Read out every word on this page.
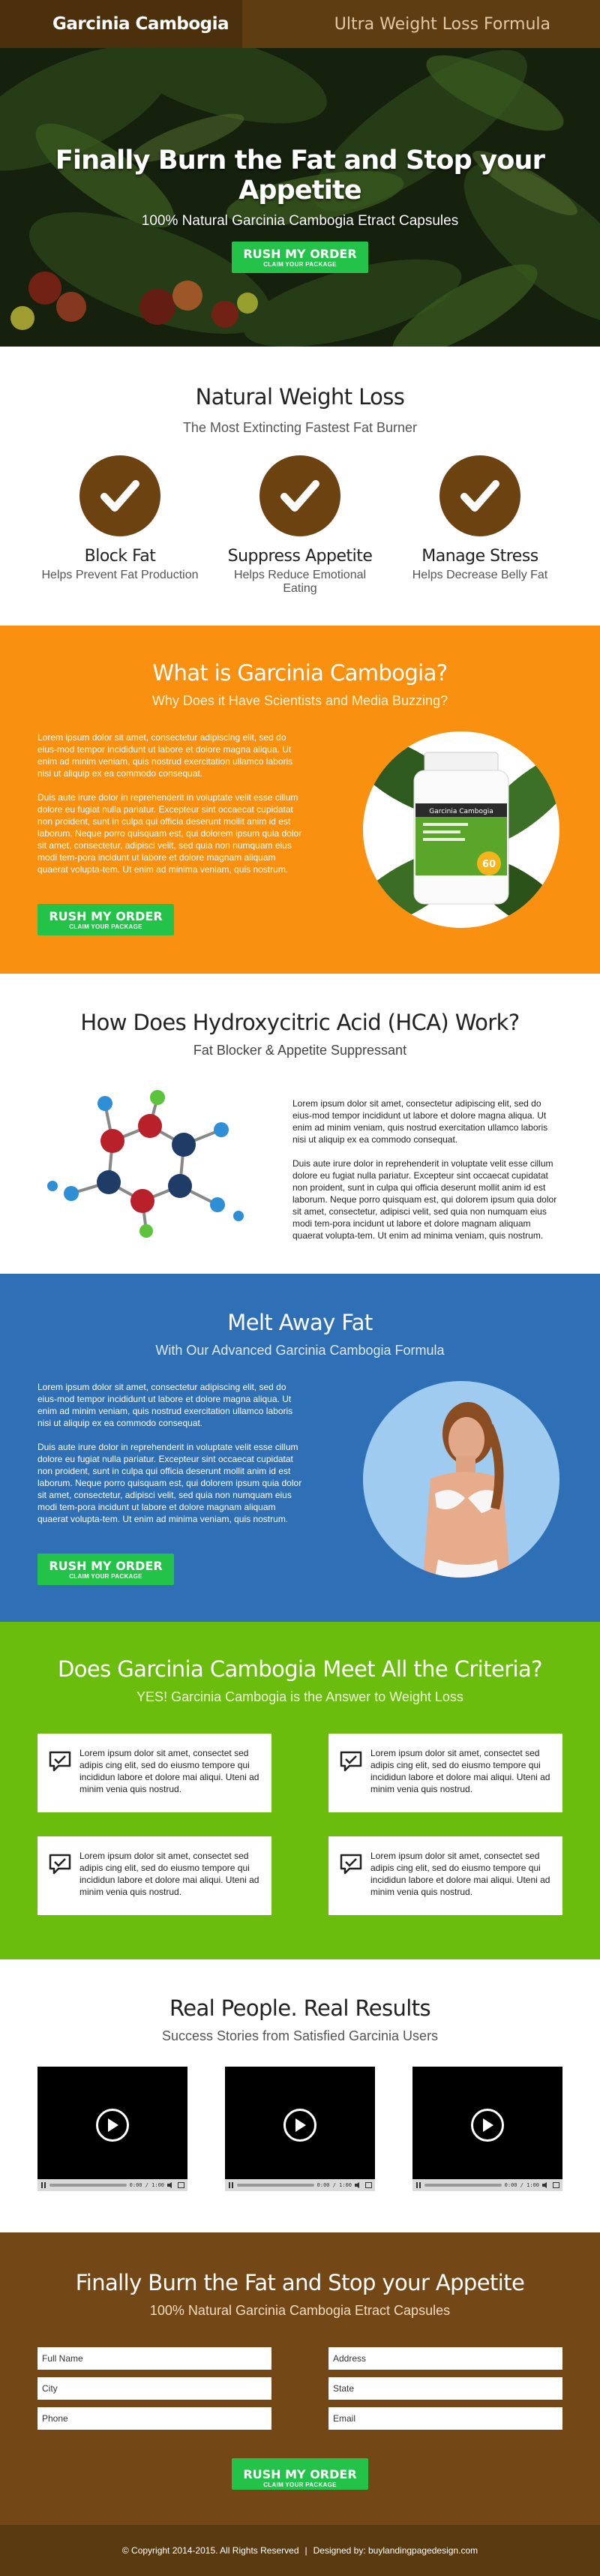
Garcinia Cambogia	Ultra Weight Loss Formula
Finally Burn the Fat and Stop your Appetite

100% Natural Garcinia Cambogia Etract Capsules

RUSH MY ORDER
CLAIM YOUR PACKAGE
Natural Weight Loss
The Most Extincting Fastest Fat Burner
Block Fat

Helps Prevent Fat Production

Suppress Appetite

Helps Reduce Emotional Eating

Manage Stress

Helps Decrease Belly Fat

What is Garcinia Cambogia?
Why Does it Have Scientists and Media Buzzing?

Lorem ipsum dolor sit amet, consectetur adipiscing elit, sed do eius-mod tempor incididunt ut labore et dolore magna aliqua. Ut enim ad minim veniam, quis nostrud exercitation ullamco laboris nisi ut aliquip ex ea commodo consequat.

Duis aute irure dolor in reprehenderit in voluptate velit esse cillum dolore eu fugiat nulla pariatur. Excepteur sint occaecat cupidatat non proident, sunt in culpa qui officia deserunt mollit anim id est laborum. Neque porro quisquam est, qui dolorem ipsum quia dolor sit amet, consectetur, adipisci velit, sed quia non numquam eius modi tem-pora incidunt ut labore et dolore magnam aliquam quaerat volupta-tem. Ut enim ad minima veniam, quis nostrum.

RUSH MY ORDER
CLAIM YOUR PACKAGE
Garcinia Cambogia
60
How Does Hydroxycitric Acid (HCA) Work?
Fat Blocker & Appetite Suppressant

Lorem ipsum dolor sit amet, consectetur adipiscing elit, sed do eius-mod tempor incididunt ut labore et dolore magna aliqua. Ut enim ad minim veniam, quis nostrud exercitation ullamco laboris nisi ut aliquip ex ea commodo consequat.

Duis aute irure dolor in reprehenderit in voluptate velit esse cillum dolore eu fugiat nulla pariatur. Excepteur sint occaecat cupidatat non proident, sunt in culpa qui officia deserunt mollit anim id est laborum. Neque porro quisquam est, qui dolorem ipsum quia dolor sit amet, consectetur, adipisci velit, sed quia non numquam eius modi tem-pora incidunt ut labore et dolore magnam aliquam quaerat volupta-tem. Ut enim ad minima veniam, quis nostrum.

Melt Away Fat
With Our Advanced Garcinia Cambogia Formula

Lorem ipsum dolor sit amet, consectetur adipiscing elit, sed do eius-mod tempor incididunt ut labore et dolore magna aliqua. Ut enim ad minim veniam, quis nostrud exercitation ullamco laboris nisi ut aliquip ex ea commodo consequat.

Duis aute irure dolor in reprehenderit in voluptate velit esse cillum dolore eu fugiat nulla pariatur. Excepteur sint occaecat cupidatat non proident, sunt in culpa qui officia deserunt mollit anim id est laborum. Neque porro quisquam est, qui dolorem ipsum quia dolor sit amet, consectetur, adipisci velit, sed quia non numquam eius modi tem-pora incidunt ut labore et dolore magnam aliquam quaerat volupta-tem. Ut enim ad minima veniam, quis nostrum.

RUSH MY ORDER
CLAIM YOUR PACKAGE
Does Garcinia Cambogia Meet All the Criteria?
YES! Garcinia Cambogia is the Answer to Weight Loss

Lorem ipsum dolor sit amet, consectet sed adipis cing elit, sed do eiusmo tempore qui incididun labore et dolore mai aliqui. Uteni ad minim venia quis nostrud.

Lorem ipsum dolor sit amet, consectet sed adipis cing elit, sed do eiusmo tempore qui incididun labore et dolore mai aliqui. Uteni ad minim venia quis nostrud.

Lorem ipsum dolor sit amet, consectet sed adipis cing elit, sed do eiusmo tempore qui incididun labore et dolore mai aliqui. Uteni ad minim venia quis nostrud.

Lorem ipsum dolor sit amet, consectet sed adipis cing elit, sed do eiusmo tempore qui incididun labore et dolore mai aliqui. Uteni ad minim venia quis nostrud.

Real People. Real Results
Success Stories from Satisfied Garcinia Users
0:00 / 1:00	0:00 / 1:00	0:00 / 1:00
Finally Burn the Fat and Stop your Appetite
100% Natural Garcinia Cambogia Etract Capsules
Full Name
Address
City
State
Phone
Email
RUSH MY ORDER
CLAIM YOUR PACKAGE
© Copyright 2014-2015. All Rights Reserved | Designed by: buylandingpagedesign.com
